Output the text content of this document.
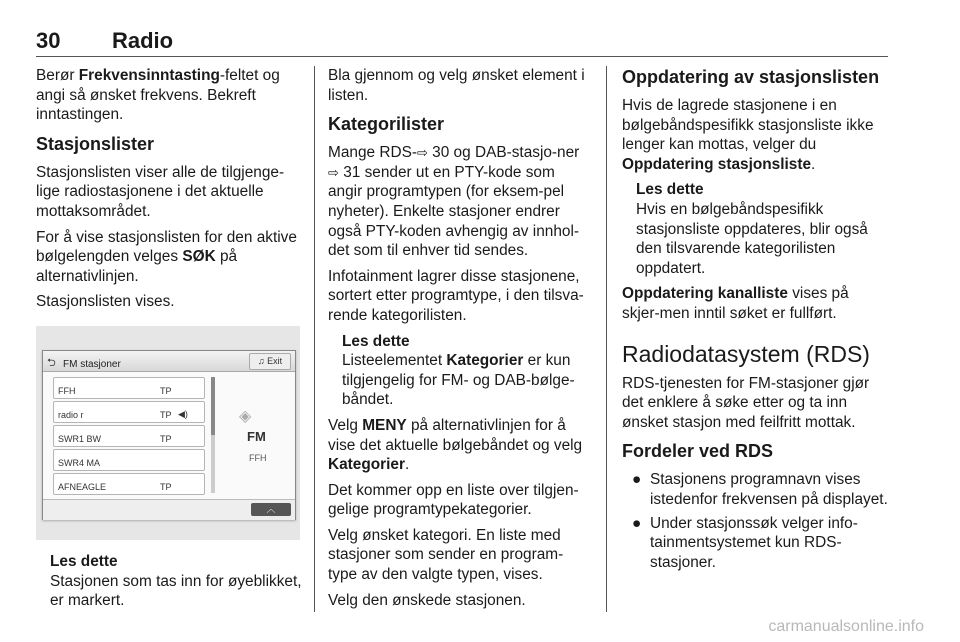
30 Radio

Berør Frekvensinntasting-feltet og angi så ønsket frekvens. Bekreft inntastingen.

Stasjonslister

Stasjonslisten viser alle de tilgjenge-lige radiostasjonene i det aktuelle mottaksområdet.

For å vise stasjonslisten for den aktive bølgelengden velges SØK på alternativlinjen.

Stasjonslisten vises.

⮌ FM stasjoner	♫ Exit
FFH	TP
radio r	TP ◀)
SWR1 BW	TP
SWR4 MA
AFNEAGLE	TP
◈
FM
FFH
︿
Les dette
Stasjonen som tas inn for øyeblikket, er markert.

Bla gjennom og velg ønsket element i listen.

Kategorilister

Mange RDS-⇨ 30 og DAB-stasjo-ner ⇨ 31 sender ut en PTY-kode som angir programtypen (for eksem-pel nyheter). Enkelte stasjoner endrer også PTY-koden avhengig av innhol-det som til enhver tid sendes.

Infotainment lagrer disse stasjonene, sortert etter programtype, i den tilsva-rende kategorilisten.

Les dette
Listeelementet Kategorier er kun tilgjengelig for FM- og DAB-bølge-båndet.

Velg MENY på alternativlinjen for å vise det aktuelle bølgebåndet og velg Kategorier.

Det kommer opp en liste over tilgjen-gelige programtypekategorier.

Velg ønsket kategori. En liste med stasjoner som sender en program-type av den valgte typen, vises.

Velg den ønskede stasjonen.

Oppdatering av stasjonslisten

Hvis de lagrede stasjonene i en bølgebåndspesifikk stasjonsliste ikke lenger kan mottas, velger du Oppdatering stasjonsliste.

Les dette
Hvis en bølgebåndspesifikk stasjonsliste oppdateres, blir også den tilsvarende kategorilisten oppdatert.

Oppdatering kanalliste vises på skjer-men inntil søket er fullført.

Radiodatasystem (RDS)

RDS-tjenesten for FM-stasjoner gjør det enklere å søke etter og ta inn ønsket stasjon med feilfritt mottak.

Fordeler ved RDS
● Stasjonens programnavn vises istedenfor frekvensen på displayet.
● Under stasjonssøk velger info-tainmentsystemet kun RDS-stasjoner.
carmanualsonline.info
